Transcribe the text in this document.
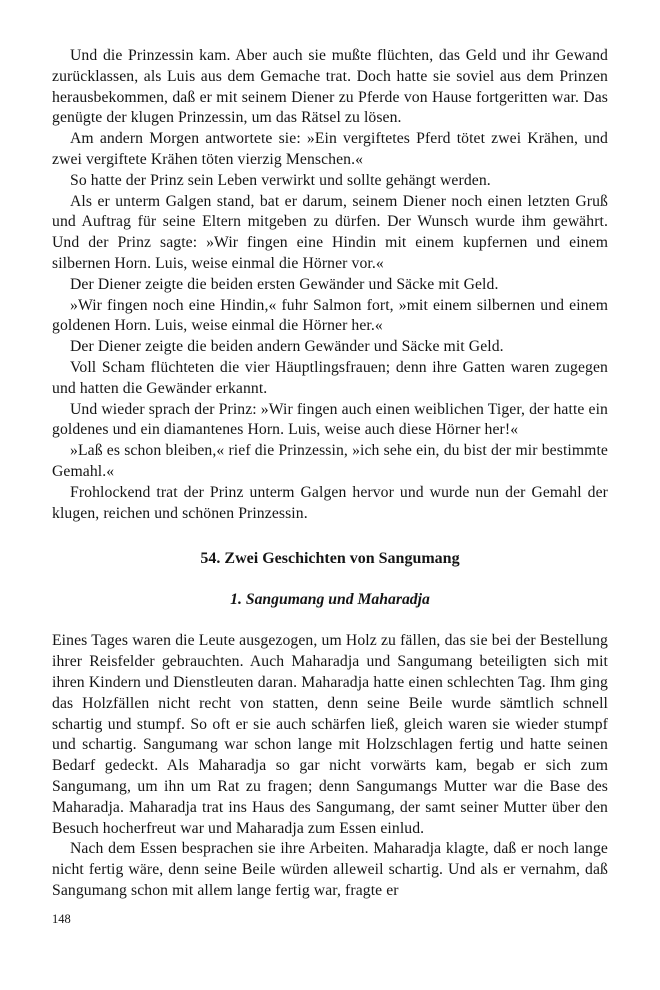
Und die Prinzessin kam. Aber auch sie mußte flüchten, das Geld und ihr Gewand zurücklassen, als Luis aus dem Gemache trat. Doch hatte sie soviel aus dem Prinzen herausbekommen, daß er mit seinem Diener zu Pferde von Hause fortgeritten war. Das genügte der klugen Prinzessin, um das Rätsel zu lösen.

Am andern Morgen antwortete sie: »Ein vergiftetes Pferd tötet zwei Krähen, und zwei vergiftete Krähen töten vierzig Menschen.«

So hatte der Prinz sein Leben verwirkt und sollte gehängt werden.

Als er unterm Galgen stand, bat er darum, seinem Diener noch einen letzten Gruß und Auftrag für seine Eltern mitgeben zu dürfen. Der Wunsch wurde ihm gewährt. Und der Prinz sagte: »Wir fingen eine Hindin mit einem kupfernen und einem silbernen Horn. Luis, weise einmal die Hörner vor.«

Der Diener zeigte die beiden ersten Gewänder und Säcke mit Geld.

»Wir fingen noch eine Hindin,« fuhr Salmon fort, »mit einem silbernen und einem goldenen Horn. Luis, weise einmal die Hörner her.«

Der Diener zeigte die beiden andern Gewänder und Säcke mit Geld.

Voll Scham flüchteten die vier Häuptlingsfrauen; denn ihre Gatten waren zugegen und hatten die Gewänder erkannt.

Und wieder sprach der Prinz: »Wir fingen auch einen weiblichen Tiger, der hatte ein goldenes und ein diamantenes Horn. Luis, weise auch diese Hörner her!«

»Laß es schon bleiben,« rief die Prinzessin, »ich sehe ein, du bist der mir bestimmte Gemahl.«

Frohlockend trat der Prinz unterm Galgen hervor und wurde nun der Gemahl der klugen, reichen und schönen Prinzessin.

54. Zwei Geschichten von Sangumang
1. Sangumang und Maharadja

Eines Tages waren die Leute ausgezogen, um Holz zu fällen, das sie bei der Bestellung ihrer Reisfelder gebrauchten. Auch Maharadja und Sangumang beteiligten sich mit ihren Kindern und Dienstleuten daran. Maharadja hatte einen schlechten Tag. Ihm ging das Holzfällen nicht recht von statten, denn seine Beile wurde sämtlich schnell schartig und stumpf. So oft er sie auch schärfen ließ, gleich waren sie wieder stumpf und schartig. Sangumang war schon lange mit Holzschlagen fertig und hatte seinen Bedarf gedeckt. Als Maharadja so gar nicht vorwärts kam, begab er sich zum Sangumang, um ihn um Rat zu fragen; denn Sangumangs Mutter war die Base des Maharadja. Maharadja trat ins Haus des Sangumang, der samt seiner Mutter über den Besuch hocherfreut war und Maharadja zum Essen einlud.

Nach dem Essen besprachen sie ihre Arbeiten. Maharadja klagte, daß er noch lange nicht fertig wäre, denn seine Beile würden alleweil schartig. Und als er vernahm, daß Sangumang schon mit allem lange fertig war, fragte er

148
